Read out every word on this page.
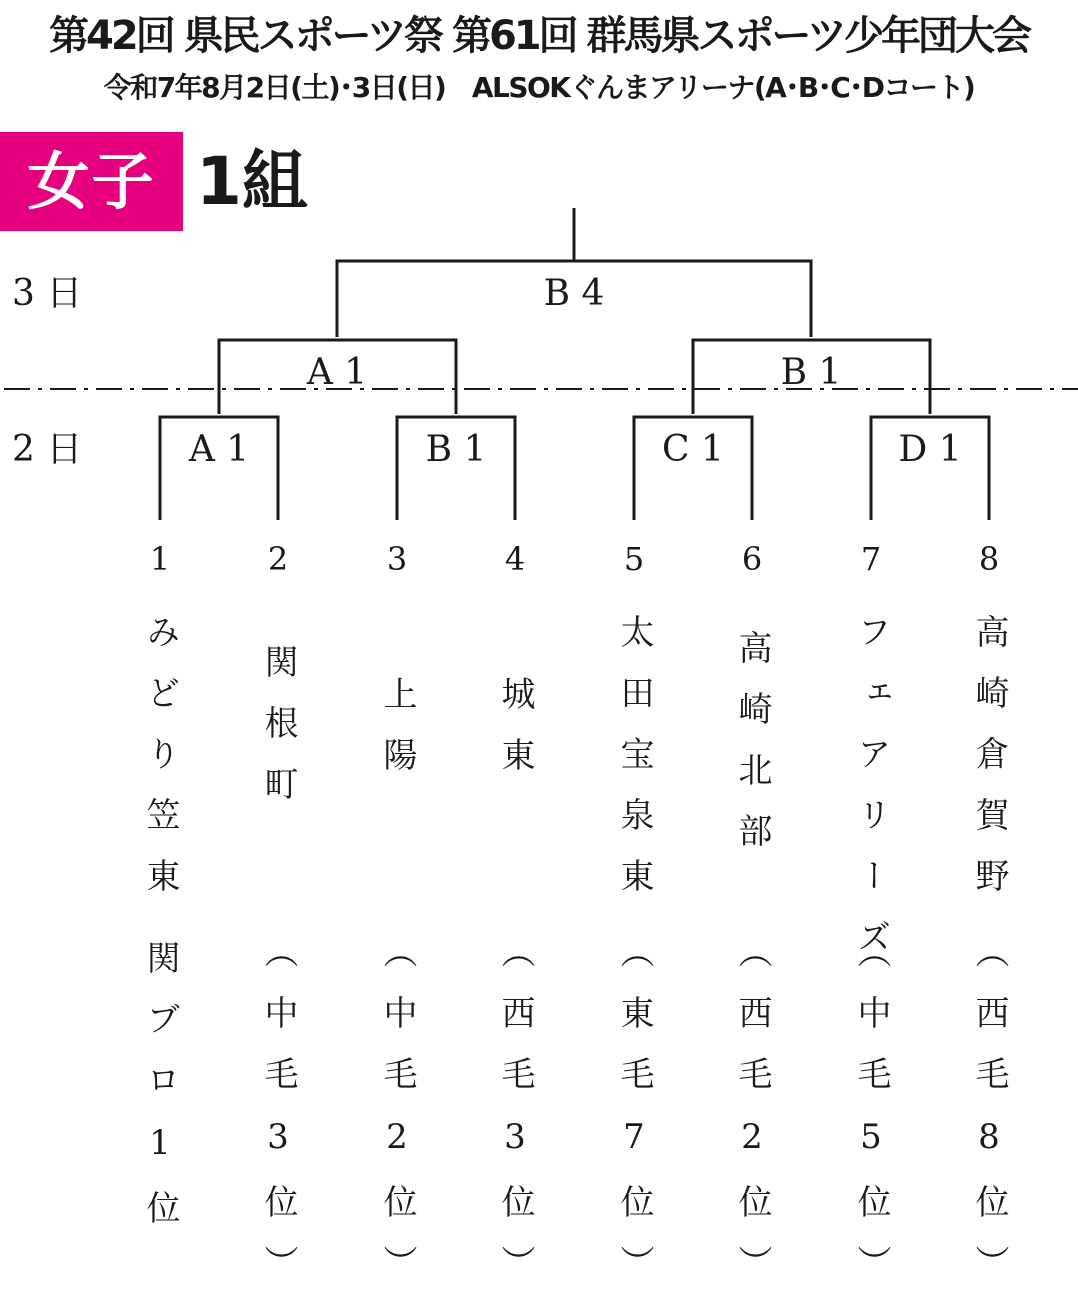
第42回 県民スポーツ祭 第61回 群馬県スポーツ少年団大会
令和7年8月2日(土)･3日(日)　ALSOKぐんまアリーナ(A･B･C･Dコート)
女子 1組
3 日
2 日
B 4
A 1	B 1
A 1	B 1	C 1	D 1
1	2	3	4	5	6	7	8
みどり笠東 関根町 上陽 城東 太田宝泉東 高崎北部 フェアリーズ 高崎倉賀野
関ブロ1位 ︵中毛3位︶ ︵中毛2位︶ ︵西毛3位︶ ︵東毛7位︶ ︵西毛2位︶ ︵中毛5位︶ ︵西毛8位︶
